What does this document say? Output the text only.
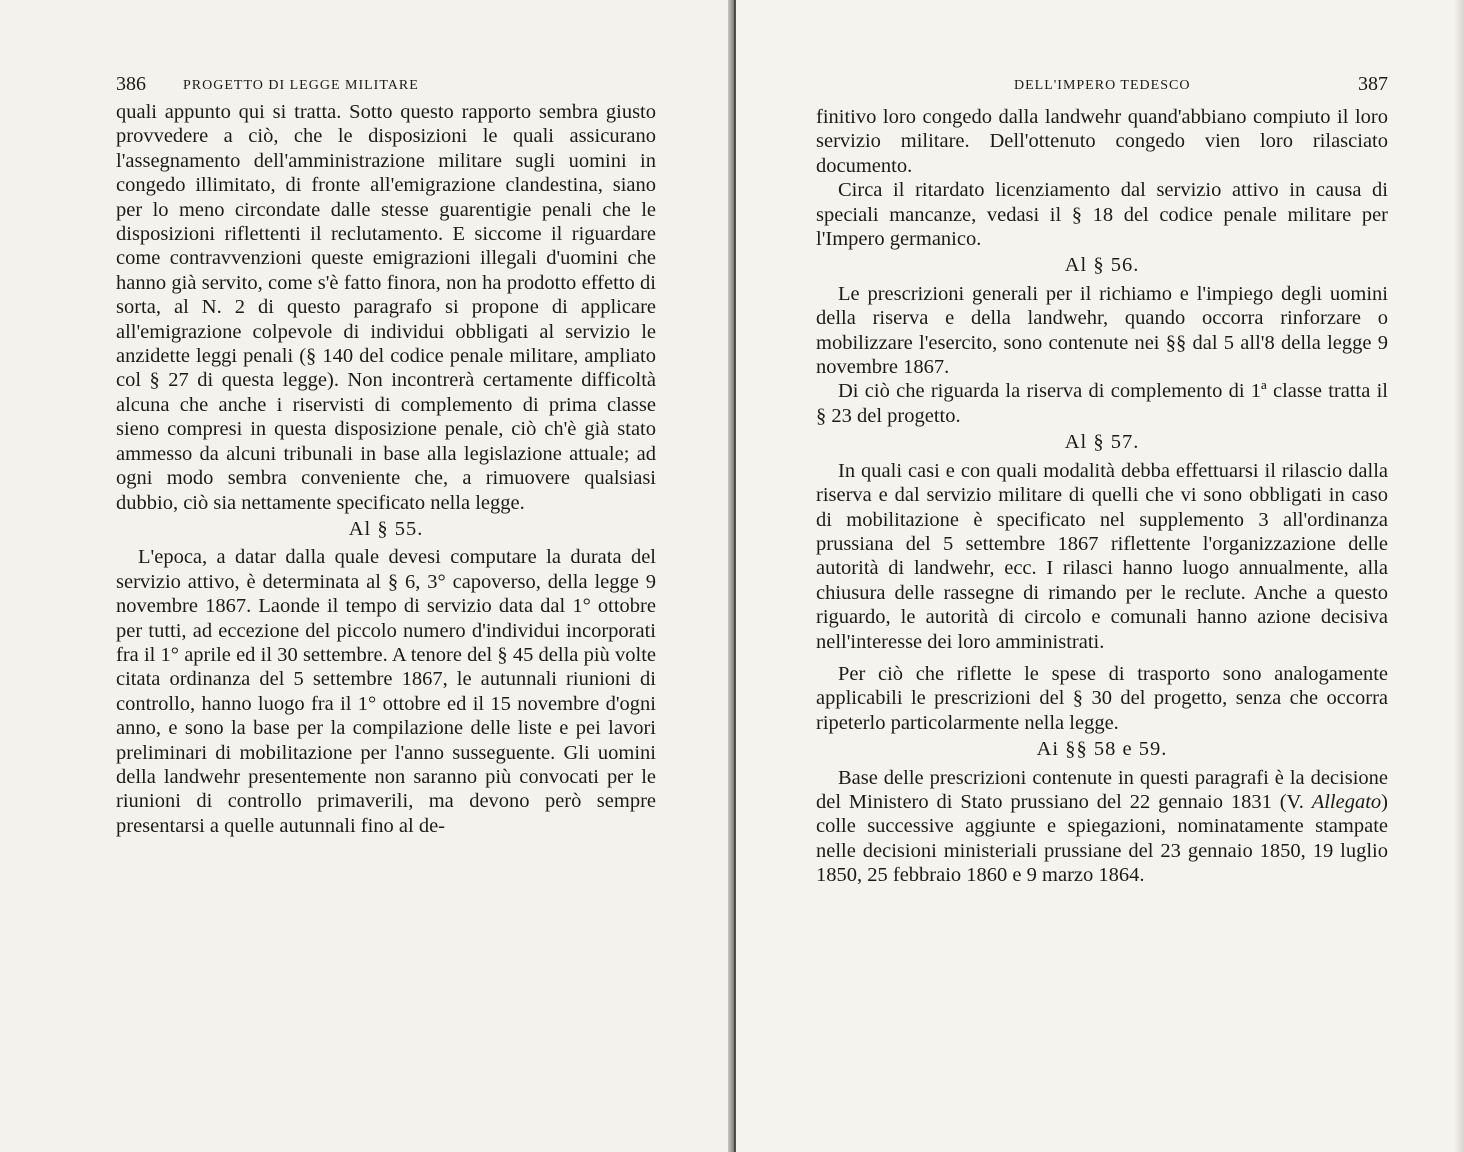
386	PROGETTO DI LEGGE MILITARE

quali appunto qui si tratta. Sotto questo rapporto sembra giusto provvedere a ciò, che le disposizioni le quali assicurano l'assegnamento dell'amministrazione militare sugli uomini in congedo illimitato, di fronte all'emigrazione clandestina, siano per lo meno circondate dalle stesse guarentigie penali che le disposizioni riflettenti il reclutamento. E siccome il riguardare come contravvenzioni queste emigrazioni illegali d'uomini che hanno già servito, come s'è fatto finora, non ha prodotto effetto di sorta, al N. 2 di questo paragrafo si propone di applicare all'emigrazione colpevole di individui obbligati al servizio le anzidette leggi penali (§ 140 del codice penale militare, ampliato col § 27 di questa legge). Non incontrerà certamente difficoltà alcuna che anche i riservisti di complemento di prima classe sieno compresi in questa disposizione penale, ciò ch'è già stato ammesso da alcuni tribunali in base alla legislazione attuale; ad ogni modo sembra conveniente che, a rimuovere qualsiasi dubbio, ciò sia nettamente specificato nella legge.

Al § 55.

L'epoca, a datar dalla quale devesi computare la durata del servizio attivo, è determinata al § 6, 3° capoverso, della legge 9 novembre 1867. Laonde il tempo di servizio data dal 1° ottobre per tutti, ad eccezione del piccolo numero d'individui incorporati fra il 1° aprile ed il 30 settembre. A tenore del § 45 della più volte citata ordinanza del 5 settembre 1867, le autunnali riunioni di controllo, hanno luogo fra il 1° ottobre ed il 15 novembre d'ogni anno, e sono la base per la compilazione delle liste e pei lavori preliminari di mobilitazione per l'anno susseguente. Gli uomini della landwehr presentemente non saranno più convocati per le riunioni di controllo primaverili, ma devono però sempre presentarsi a quelle autunnali fino al de-

DELL'IMPERO TEDESCO	387

finitivo loro congedo dalla landwehr quand'abbiano compiuto il loro servizio militare. Dell'ottenuto congedo vien loro rilasciato documento.

Circa il ritardato licenziamento dal servizio attivo in causa di speciali mancanze, vedasi il § 18 del codice penale militare per l'Impero germanico.

Al § 56.

Le prescrizioni generali per il richiamo e l'impiego degli uomini della riserva e della landwehr, quando occorra rinforzare o mobilizzare l'esercito, sono contenute nei §§ dal 5 all'8 della legge 9 novembre 1867.

Di ciò che riguarda la riserva di complemento di 1ª classe tratta il § 23 del progetto.

Al § 57.

In quali casi e con quali modalità debba effettuarsi il rilascio dalla riserva e dal servizio militare di quelli che vi sono obbligati in caso di mobilitazione è specificato nel supplemento 3 all'ordinanza prussiana del 5 settembre 1867 riflettente l'organizzazione delle autorità di landwehr, ecc. I rilasci hanno luogo annualmente, alla chiusura delle rassegne di rimando per le reclute. Anche a questo riguardo, le autorità di circolo e comunali hanno azione decisiva nell'interesse dei loro amministrati.

Per ciò che riflette le spese di trasporto sono analogamente applicabili le prescrizioni del § 30 del progetto, senza che occorra ripeterlo particolarmente nella legge.

Ai §§ 58 e 59.

Base delle prescrizioni contenute in questi paragrafi è la decisione del Ministero di Stato prussiano del 22 gennaio 1831 (V. Allegato) colle successive aggiunte e spiegazioni, nominatamente stampate nelle decisioni ministeriali prussiane del 23 gennaio 1850, 19 luglio 1850, 25 febbraio 1860 e 9 marzo 1864.
